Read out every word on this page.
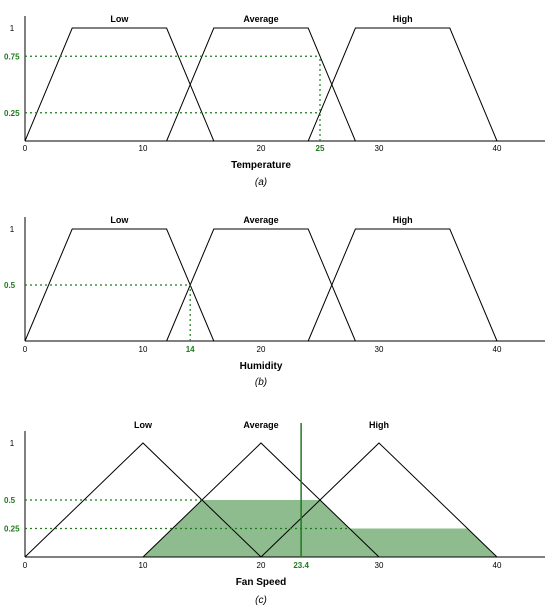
Low	Average	High
1
0	10	20	30	40
0.75
0.25
25
Temperature
(a)
Low	Average	High
1
0	10	20	30	40
0.5
14
Humidity
(b)
Low	Average	High
1
0	10	20	30	40
0.5
0.25
23.4
Fan Speed
(c)
